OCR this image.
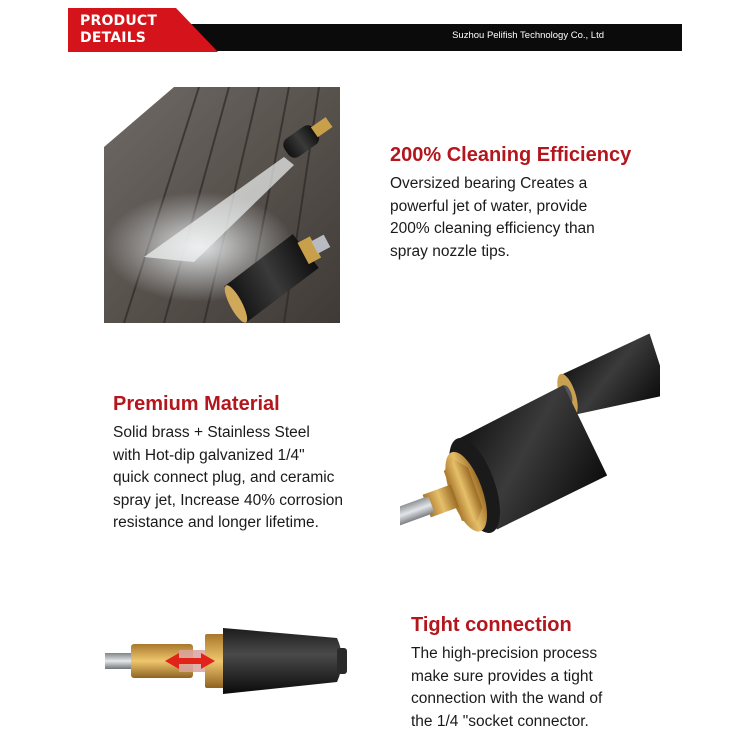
PRODUCT
DETAILS	Suzhou Pelifish Technology Co., Ltd
200% Cleaning Efficiency

Oversized bearing Creates a
powerful jet of water, provide
200% cleaning efficiency than
spray nozzle tips.

Premium Material

Solid brass + Stainless Steel
with Hot-dip galvanized 1/4"
quick connect plug, and ceramic
spray jet, Increase 40% corrosion
resistance and longer lifetime.

Tight connection

The high-precision process
make sure provides a tight
connection with the wand of
the 1/4 "socket connector.
